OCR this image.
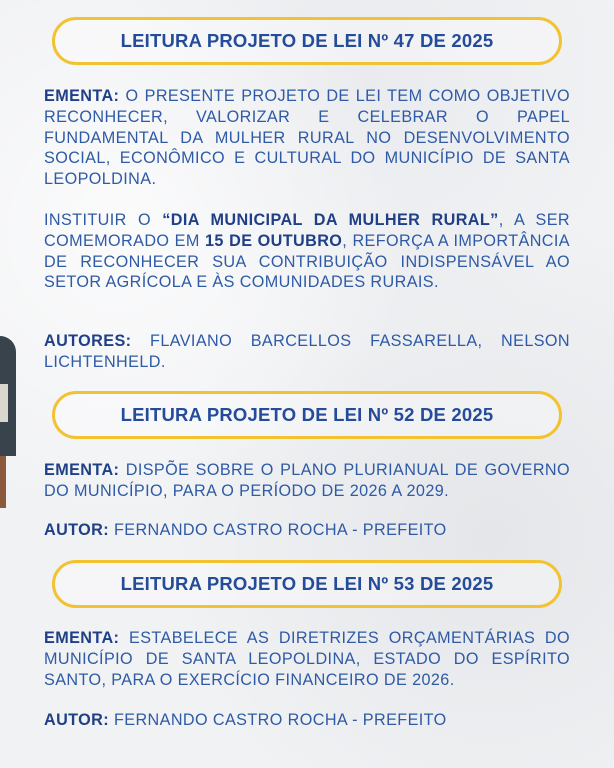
LEITURA PROJETO DE LEI Nº 47 DE 2025
EMENTA: O PRESENTE PROJETO DE LEI TEM COMO OBJETIVO RECONHECER, VALORIZAR E CELEBRAR O PAPEL FUNDAMENTAL DA MULHER RURAL NO DESENVOLVIMENTO SOCIAL, ECONÔMICO E CULTURAL DO MUNICÍPIO DE SANTA LEOPOLDINA.
INSTITUIR O “DIA MUNICIPAL DA MULHER RURAL”, A SER COMEMORADO EM 15 DE OUTUBRO, REFORÇA A IMPORTÂNCIA DE RECONHECER SUA CONTRIBUIÇÃO INDISPENSÁVEL AO SETOR AGRÍCOLA E ÀS COMUNIDADES RURAIS.
AUTORES: FLAVIANO BARCELLOS FASSARELLA, NELSON LICHTENHELD.
LEITURA PROJETO DE LEI Nº 52 DE 2025
EMENTA: DISPÕE SOBRE O PLANO PLURIANUAL DE GOVERNO DO MUNICÍPIO, PARA O PERÍODO DE 2026 A 2029.
AUTOR: FERNANDO CASTRO ROCHA - PREFEITO
LEITURA PROJETO DE LEI Nº 53 DE 2025
EMENTA: ESTABELECE AS DIRETRIZES ORÇAMENTÁRIAS DO MUNICÍPIO DE SANTA LEOPOLDINA, ESTADO DO ESPÍRITO SANTO, PARA O EXERCÍCIO FINANCEIRO DE 2026.
AUTOR: FERNANDO CASTRO ROCHA - PREFEITO
